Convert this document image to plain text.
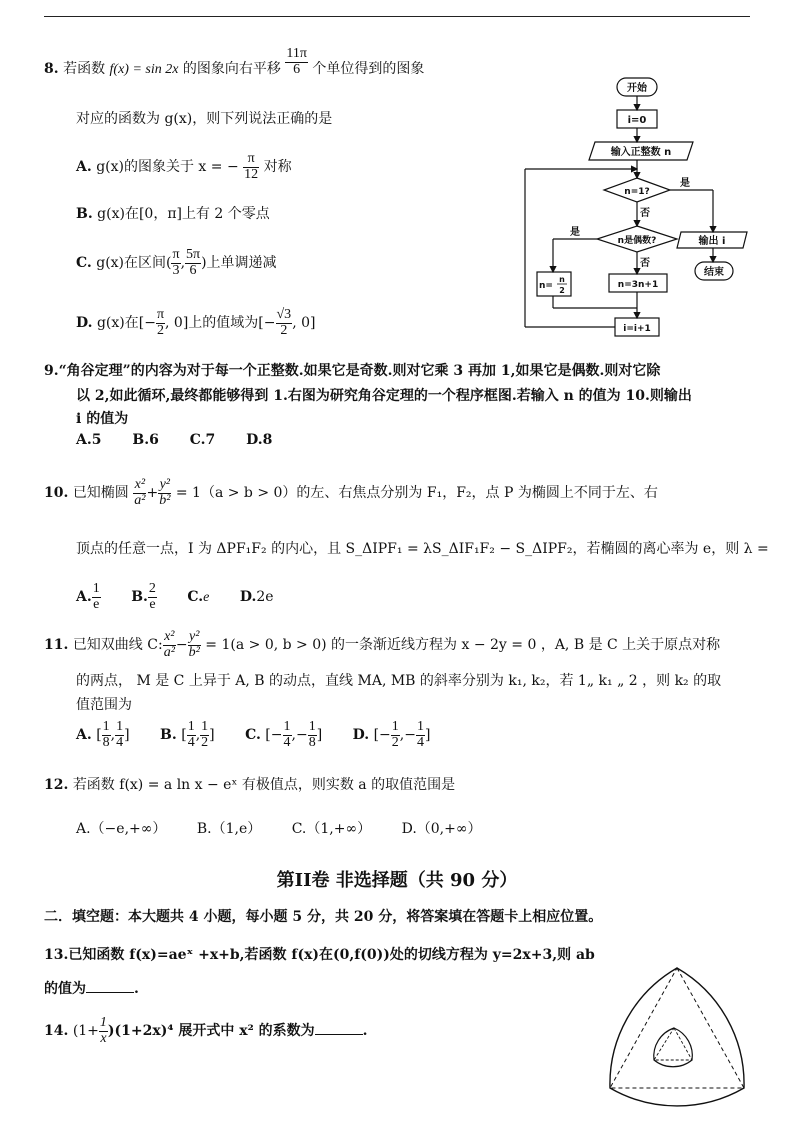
8. 若函数 f(x) = sin 2x 的图象向右平移 $\frac{11\pi}{6}$ 个单位得到的图象
对应的函数为 g(x)，则下列说法正确的是
A. g(x)的图象关于 x = − $\frac{\pi}{12}$ 对称
B. g(x)在[0，π]上有 2 个零点
C. g(x)在区间( $\frac{\pi}{3}$ , $\frac{5\pi}{6}$ )上单调递减
D. g(x)在[− $\frac{\pi}{2}$ , 0]上的值域为[− $\frac{√3}{2}$ , 0]
开始
i=0
输入正整数 n
n=1?
是
否
n是偶数?
是
否
输出 i
结束
n=
n
2
n=3n+1
i=i+1
9.“角谷定理”的内容为对于每一个正整数.如果它是奇数.则对它乘 3 再加 1,如果它是偶数.则对它除
以 2,如此循环,最终都能够得到 1.右图为研究角谷定理的一个程序框图.若输入 n 的值为 10.则输出
i 的值为
A.5 B.6 C.7 D.8
10. 已知椭圆 $\frac{\text{x²}}{\text{a²}} + \frac{\text{y²}}{\text{b²}} = 1(a > b > 0)$的左、右焦点分别为 F₁，F₂，点 P 为椭圆上不同于左、右
顶点的任意一点，I 为 ΔPF₁F₂ 的内心，且 S_ΔIPF₁ = λS_ΔIF₁F₂ − S_ΔIPF₂，若椭圆的离心率为 e，则 λ =
A. $\frac{1}{e} B$. $\frac{2}{e} C.e$ D.2e
11. 已知双曲线 C: $\frac{\text{x²}}{\text{a²}} - \frac{\text{y²}}{\text{b²}} = 1(a > 0$, b > 0) 的一条渐近线方程为 x − 2y = 0 ，A, B 是 C 上关于原点对称
的两点， M 是 C 上异于 A, B 的动点，直线 MA, MB 的斜率分别为 k₁, k₂，若 1„ k₁ „ 2 ，则 k₂ 的取
值范围为
A. [ $\frac{1}{8}$ , $\frac{1}{4}$ ] B. [ $\frac{1}{4}$ , $\frac{1}{2}$ ] C. [− $\frac{1}{4}$ ,− $\frac{1}{8}$ ] D. [− $\frac{1}{2}$ ,− $\frac{1}{4}$ ]
12. 若函数 f(x) = a ln x − eˣ 有极值点，则实数 a 的取值范围是
A.（−e,+∞） B.（1,e） C.（1,+∞） D.（0,+∞）
第II卷 非选择题（共 90 分）
二．填空题：本大题共 4 小题，每小题 5 分，共 20 分，将答案填在答题卡上相应位置。
13.已知函数 f(x)=aeˣ +x+b,若函数 f(x)在(0,f(0))处的切线方程为 y=2x+3,则 ab
的值为	.
14. $(1+ \frac{1}{x} )(1+2x)^4$ 展开式中 x² 的系数为	.
